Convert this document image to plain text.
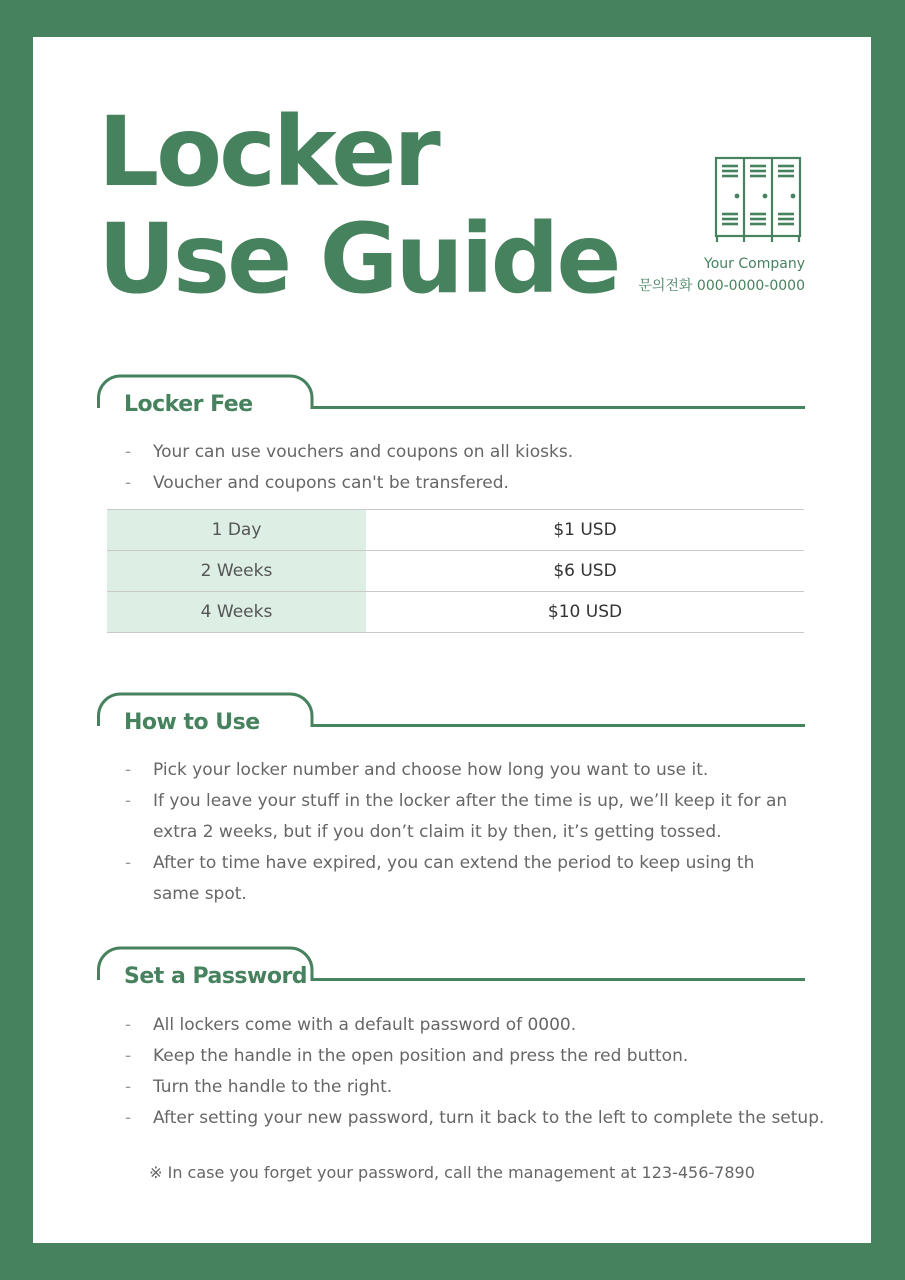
Locker
Use Guide	Your Company
문의전화 000-0000-0000
Locker Fee
- Your can use vouchers and coupons on all kiosks.
- Voucher and coupons can't be transfered.
1 Day	$1 USD
2 Weeks	$6 USD
4 Weeks	$10 USD
How to Use
- Pick your locker number and choose how long you want to use it.
- If you leave your stuff in the locker after the time is up, we’ll keep it for an
extra 2 weeks, but if you don’t claim it by then, it’s getting tossed.
- After to time have expired, you can extend the period to keep using th
same spot.
Set a Password
- All lockers come with a default password of 0000.
- Keep the handle in the open position and press the red button.
- Turn the handle to the right.
- After setting your new password, turn it back to the left to complete the setup.
※ In case you forget your password, call the management at 123-456-7890
